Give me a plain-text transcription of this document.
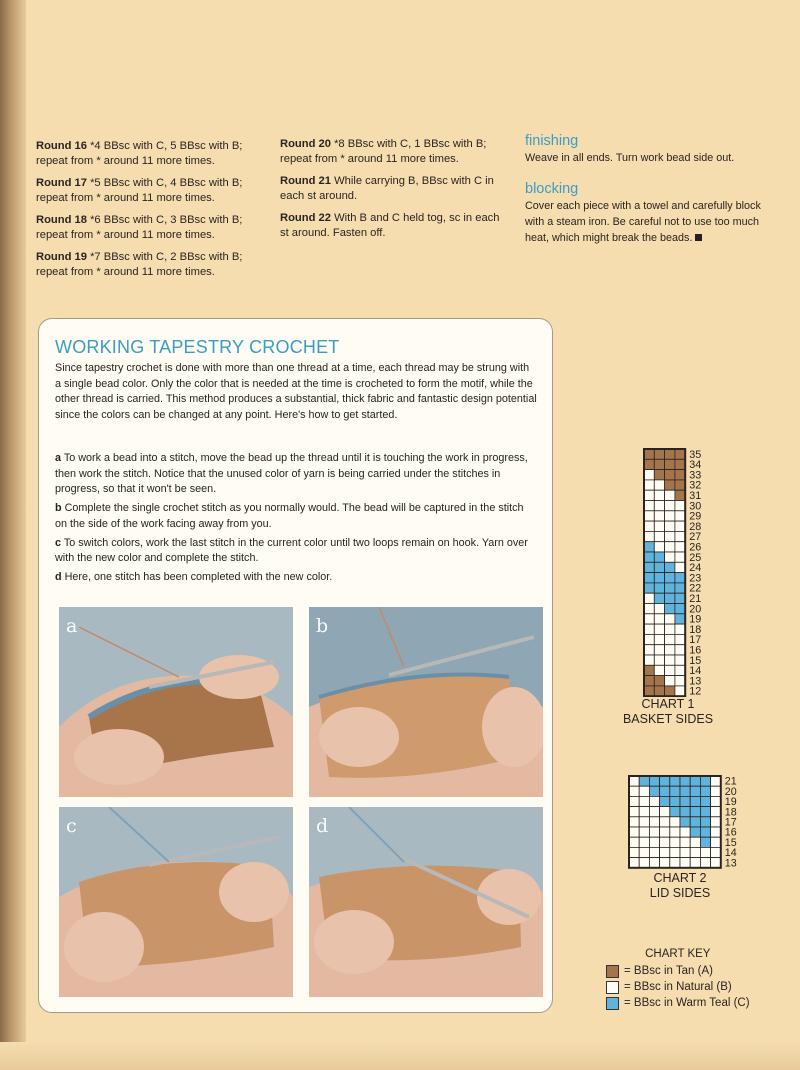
Round 16 *4 BBsc with C, 5 BBsc with B; repeat from * around 11 more times.

Round 17 *5 BBsc with C, 4 BBsc with B; repeat from * around 11 more times.

Round 18 *6 BBsc with C, 3 BBsc with B; repeat from * around 11 more times.

Round 19 *7 BBsc with C, 2 BBsc with B; repeat from * around 11 more times.

Round 20 *8 BBsc with C, 1 BBsc with B; repeat from * around 11 more times.

Round 21 While carrying B, BBsc with C in each st around.

Round 22 With B and C held tog, sc in each st around. Fasten off.

finishing
Weave in all ends. Turn work bead side out.
blocking
Cover each piece with a towel and carefully block with a steam iron. Be careful not to use too much heat, which might break the beads.
WORKING TAPESTRY CROCHET
Since tapestry crochet is done with more than one thread at a time, each thread may be strung with a single bead color. Only the color that is needed at the time is crocheted to form the motif, while the other thread is carried. This method produces a substantial, thick fabric and fantastic design potential since the colors can be changed at any point. Here's how to get started.

a To work a bead into a stitch, move the bead up the thread until it is touching the work in progress, then work the stitch. Notice that the unused color of yarn is being carried under the stitches in progress, so that it won't be seen.

b Complete the single crochet stitch as you normally would. The bead will be captured in the stitch on the side of the work facing away from you.

c To switch colors, work the last stitch in the current color until two loops remain on hook. Yarn over with the new color and complete the stitch.

d Here, one stitch has been completed with the new color.

a	b
c	d
35
34
33
32
31
30
29
28
27
26
25
24
23
22
21
20
19
18
17
16
15
14
13
12
CHART 1
BASKET SIDES
21
20
19
18
17
16
15
14
13
CHART 2
LID SIDES
CHART KEY
= BBsc in Tan (A)
= BBsc in Natural (B)
= BBsc in Warm Teal (C)
